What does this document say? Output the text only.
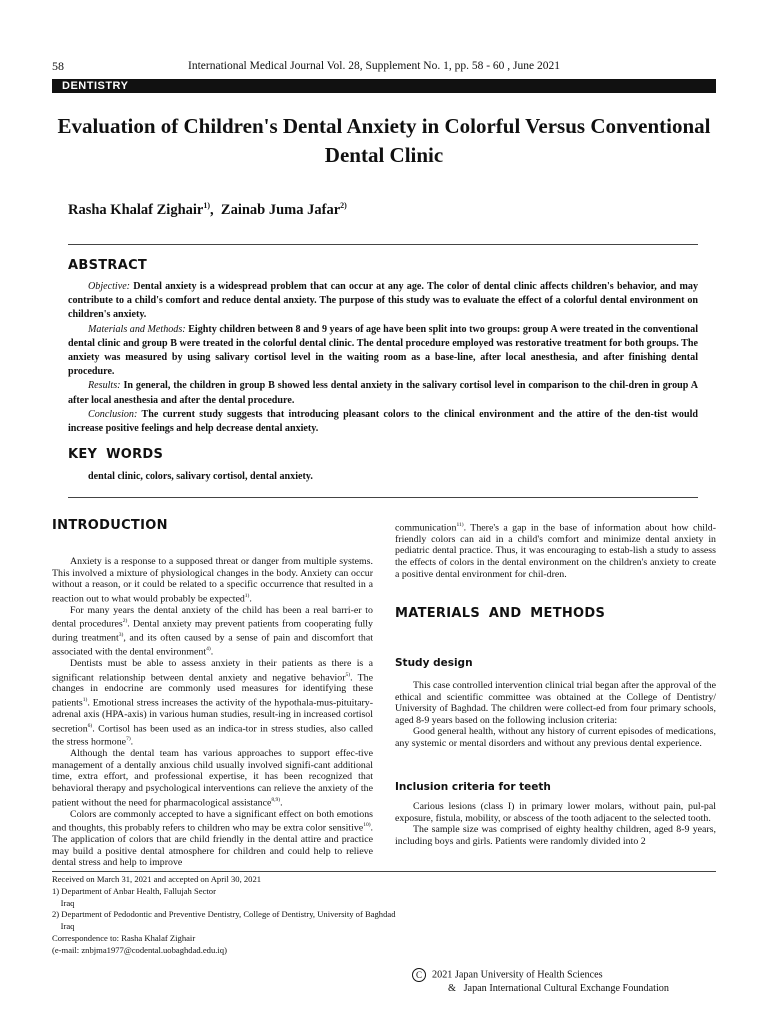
58	International Medical Journal Vol. 28, Supplement No. 1, pp. 58 - 60 , June 2021
DENTISTRY
Evaluation of Children's Dental Anxiety in Colorful Versus Conventional Dental Clinic
Rasha Khalaf Zighair$^{1)}$,  Zainab Juma Jafar$^{2)}$
ABSTRACT

Objective: Dental anxiety is a widespread problem that can occur at any age. The color of dental clinic affects children's behavior, and may contribute to a child's comfort and reduce dental anxiety. The purpose of this study was to evaluate the effect of a colorful dental environment on children's anxiety.

Materials and Methods: Eighty children between 8 and 9 years of age have been split into two groups: group A were treated in the conventional dental clinic and group B were treated in the colorful dental clinic. The dental procedure employed was restorative treatment for both groups. The anxiety was measured by using salivary cortisol level in the waiting room as a base-line, after local anesthesia, and after finishing dental procedure.

Results: In general, the children in group B showed less dental anxiety in the salivary cortisol level in comparison to the chil-dren in group A after local anesthesia and after the dental procedure.

Conclusion: The current study suggests that introducing pleasant colors to the clinical environment and the attire of the den-tist would increase positive feelings and help decrease dental anxiety.

KEY WORDS
dental clinic, colors, salivary cortisol, dental anxiety.
INTRODUCTION

Anxiety is a response to a supposed threat or danger from multiple systems. This involved a mixture of physiological changes in the body. Anxiety can occur without a reason, or it could be related to a specific occurrence that resulted in a reaction out to what would probably be expected$^{1)}$.

For many years the dental anxiety of the child has been a real barri-er to dental procedures$^{2)}$. Dental anxiety may prevent patients from cooperating fully during treatment$^{3)}$, and its often caused by a sense of pain and discomfort that associated with the dental environment$^{4)}$.

Dentists must be able to assess anxiety in their patients as there is a significant relationship between dental anxiety and negative behavior$^{5)}$. The changes in endocrine are commonly used measures for identifying these patients$^{1)}$. Emotional stress increases the activity of the hypothala-mus-pituitary-adrenal axis (HPA-axis) in various human studies, result-ing in increased cortisol secretion$^{6)}$. Cortisol has been used as an indica-tor in stress studies, also called the stress hormone$^{7)}$.

Although the dental team has various approaches to support effec-tive management of a dentally anxious child usually involved signifi-cant additional time, extra effort, and professional expertise, it has been recognized that behavioral therapy and psychological interventions can relieve the anxiety of the patient without the need for pharmacological assistance$^{8,9)}$.

Colors are commonly accepted to have a significant effect on both emotions and thoughts, this probably refers to children who may be extra color sensitive$^{10)}$. The application of colors that are child friendly in the dental attire and practice may build a positive dental atmosphere for children and could help to relieve dental stress and help to improve

communication$^{11)}$. There's a gap in the base of information about how child-friendly colors can aid in a child's comfort and minimize dental anxiety in pediatric dental practice. Thus, it was encouraging to estab-lish a study to assess the effects of colors in the dental environment on the children's anxiety to create a positive dental environment for chil-dren.

MATERIALS AND METHODS
Study design

This case controlled intervention clinical trial began after the approval of the ethical and scientific committee was obtained at the College of Dentistry/ University of Baghdad. The children were collect-ed from four primary schools, aged 8-9 years based on the following inclusion criteria:

Good general health, without any history of current episodes of medications, any systemic or mental disorders and without any previous dental experience.

Inclusion criteria for teeth

Carious lesions (class I) in primary lower molars, without pain, pul-pal exposure, fistula, mobility, or abscess of the tooth adjacent to the selected tooth.

The sample size was comprised of eighty healthy children, aged 8-9 years, including boys and girls. Patients were randomly divided into 2

Received on March 31, 2021 and accepted on April 30, 2021
1) Department of Anbar Health, Fallujah Sector
Iraq
2) Department of Pedodontic and Preventive Dentistry, College of Dentistry, University of Baghdad
Iraq
Correspondence to: Rasha Khalaf Zighair
(e-mail: znbjma1977@codental.uobaghdad.edu.iq)
C 2021 Japan University of Health Sciences
& Japan International Cultural Exchange Foundation
